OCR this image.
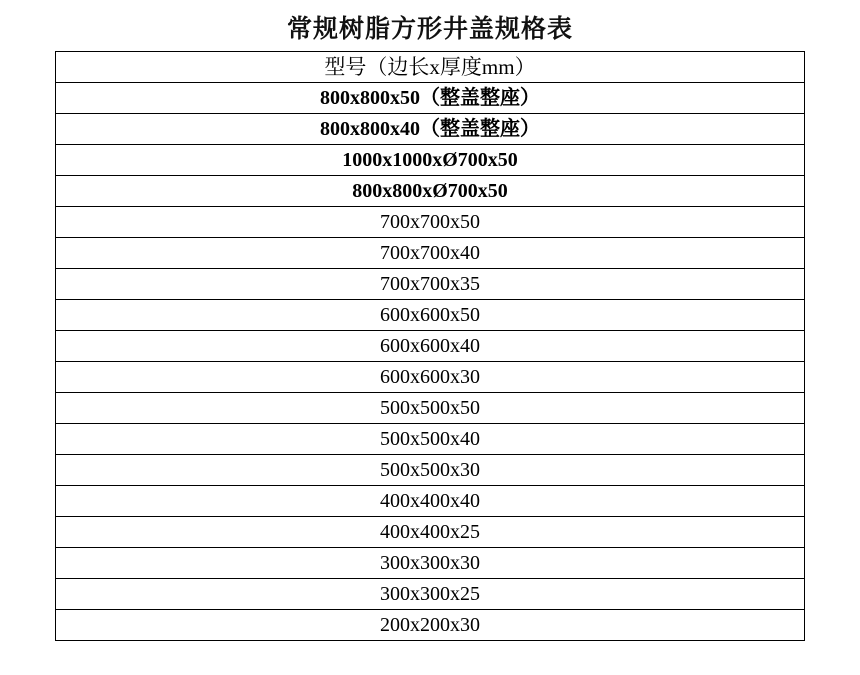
常规树脂方形井盖规格表
型号（边长x厚度mm）
800x800x50（整盖整座）
800x800x40（整盖整座）
1000x1000xØ700x50
800x800xØ700x50
700x700x50
700x700x40
700x700x35
600x600x50
600x600x40
600x600x30
500x500x50
500x500x40
500x500x30
400x400x40
400x400x25
300x300x30
300x300x25
200x200x30
